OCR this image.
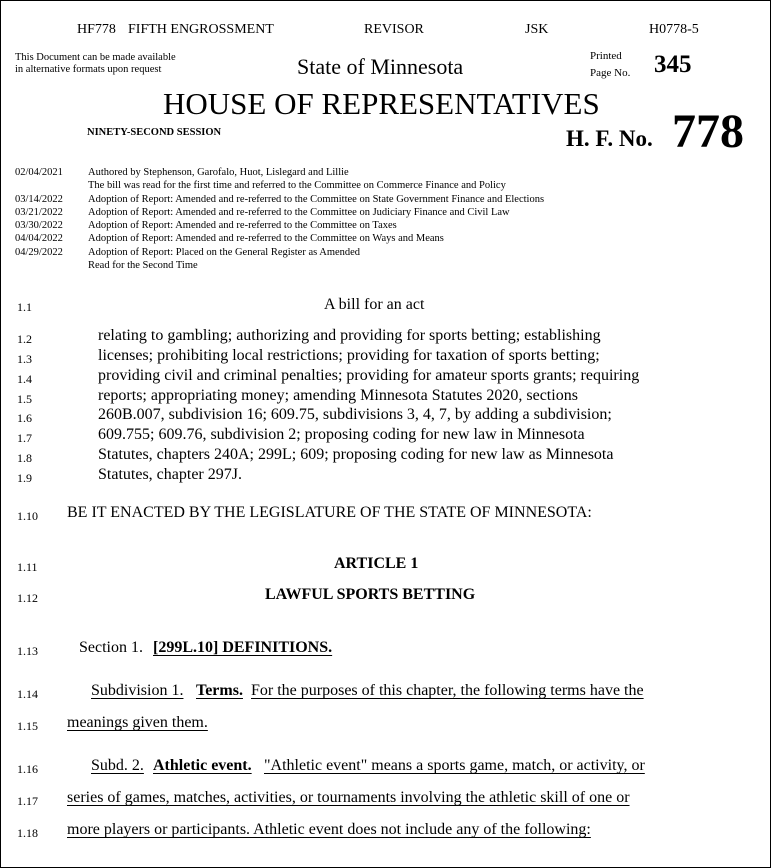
HF778 FIFTH ENGROSSMENT	REVISOR	JSK	H0778-5
This Document can be made available
in alternative formats upon request	State of Minnesota	Printed
Page No. 345
HOUSE OF REPRESENTATIVES
NINETY-SECOND SESSION	H. F. No. 778
02/04/2021	Authored by Stephenson, Garofalo, Huot, Lislegard and Lillie
The bill was read for the first time and referred to the Committee on Commerce Finance and Policy
03/14/2022	Adoption of Report: Amended and re-referred to the Committee on State Government Finance and Elections
03/21/2022	Adoption of Report: Amended and re-referred to the Committee on Judiciary Finance and Civil Law
03/30/2022	Adoption of Report: Amended and re-referred to the Committee on Taxes
04/04/2022	Adoption of Report: Amended and re-referred to the Committee on Ways and Means
04/29/2022	Adoption of Report: Placed on the General Register as Amended
Read for the Second Time
1.1	A bill for an act
1.2	relating to gambling; authorizing and providing for sports betting; establishing
1.3	licenses; prohibiting local restrictions; providing for taxation of sports betting;
1.4	providing civil and criminal penalties; providing for amateur sports grants; requiring
1.5	reports; appropriating money; amending Minnesota Statutes 2020, sections
1.6	260B.007, subdivision 16; 609.75, subdivisions 3, 4, 7, by adding a subdivision;
1.7	609.755; 609.76, subdivision 2; proposing coding for new law in Minnesota
1.8	Statutes, chapters 240A; 299L; 609; proposing coding for new law as Minnesota
1.9	Statutes, chapter 297J.
1.10 BE IT ENACTED BY THE LEGISLATURE OF THE STATE OF MINNESOTA:
1.11	ARTICLE 1
1.12	LAWFUL SPORTS BETTING
1.13	Section 1. [299L.10] DEFINITIONS.
1.14	Subdivision 1. Terms. For the purposes of this chapter, the following terms have the
1.15 meanings given them.
1.16	Subd. 2. Athletic event. "Athletic event" means a sports game, match, or activity, or
1.17 series of games, matches, activities, or tournaments involving the athletic skill of one or
1.18 more players or participants. Athletic event does not include any of the following:
